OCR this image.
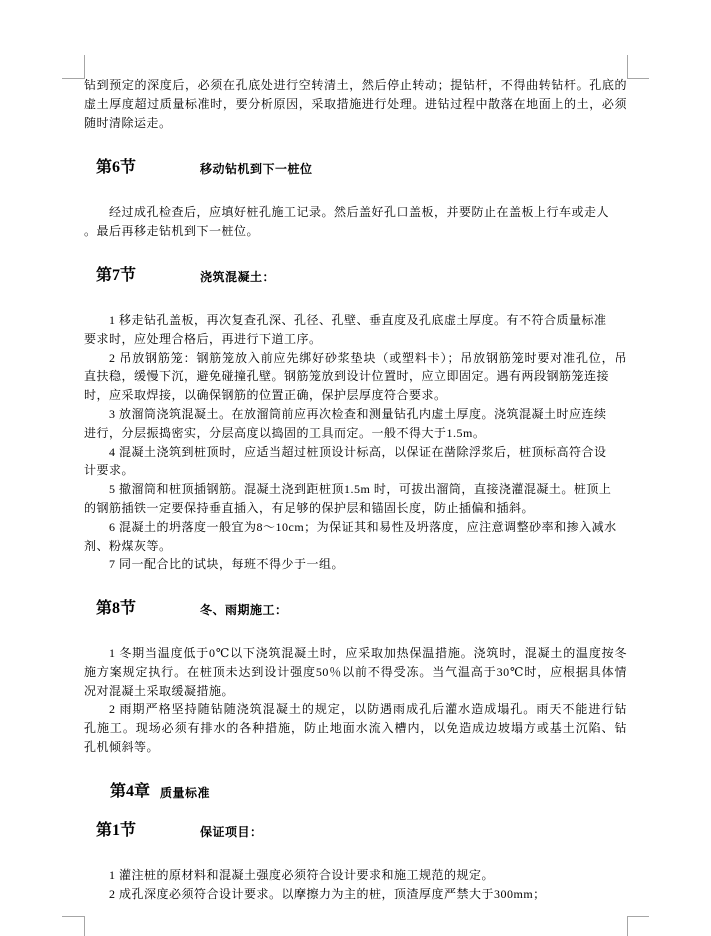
钻到预定的深度后，必须在孔底处进行空转清土，然后停止转动；提钻杆，不得曲转钻杆。孔底的
虚土厚度超过质量标准时，要分析原因，采取措施进行处理。进钻过程中散落在地面上的土，必须
随时清除运走。
第6节	移动钻机到下一桩位
经过成孔检查后，应填好桩孔施工记录。然后盖好孔口盖板，并要防止在盖板上行车或走人
。最后再移走钻机到下一桩位。
第7节	浇筑混凝土：
1 移走钻孔盖板，再次复查孔深、孔径、孔壁、垂直度及孔底虚土厚度。有不符合质量标准
要求时，应处理合格后，再进行下道工序。
2 吊放钢筋笼：钢筋笼放入前应先绑好砂浆垫块（或塑料卡）；吊放钢筋笼时要对准孔位，吊
直扶稳，缓慢下沉，避免碰撞孔壁。钢筋笼放到设计位置时，应立即固定。遇有两段钢筋笼连接
时，应采取焊接，以确保钢筋的位置正确，保护层厚度符合要求。
3 放溜筒浇筑混凝土。在放溜筒前应再次检查和测量钻孔内虚土厚度。浇筑混凝土时应连续
进行，分层振捣密实，分层高度以捣固的工具而定。一般不得大于1.5m。
4 混凝土浇筑到桩顶时，应适当超过桩顶设计标高，以保证在凿除浮浆后，桩顶标高符合设
计要求。
5 撤溜筒和桩顶插钢筋。混凝土浇到距桩顶1.5m 时，可拔出溜筒，直接浇灌混凝土。桩顶上
的钢筋插铁一定要保持垂直插入，有足够的保护层和锚固长度，防止插偏和插斜。
6 混凝土的坍落度一般宜为8～10cm；为保证其和易性及坍落度，应注意调整砂率和掺入减水
剂、粉煤灰等。
7 同一配合比的试块，每班不得少于一组。
第8节	冬、雨期施工：
1 冬期当温度低于0℃以下浇筑混凝土时，应采取加热保温措施。浇筑时，混凝土的温度按冬
施方案规定执行。在桩顶未达到设计强度50％以前不得受冻。当气温高于30℃时，应根据具体情
况对混凝土采取缓凝措施。
2 雨期严格坚持随钻随浇筑混凝土的规定，以防遇雨成孔后灌水造成塌孔。雨天不能进行钻
孔施工。现场必须有排水的各种措施，防止地面水流入槽内，以免造成边坡塌方或基土沉陷、钻
孔机倾斜等。
第4章 质量标准
第1节	保证项目：
1 灌注桩的原材料和混凝土强度必须符合设计要求和施工规范的规定。
2 成孔深度必须符合设计要求。以摩擦力为主的桩，顶渣厚度严禁大于300mm；
